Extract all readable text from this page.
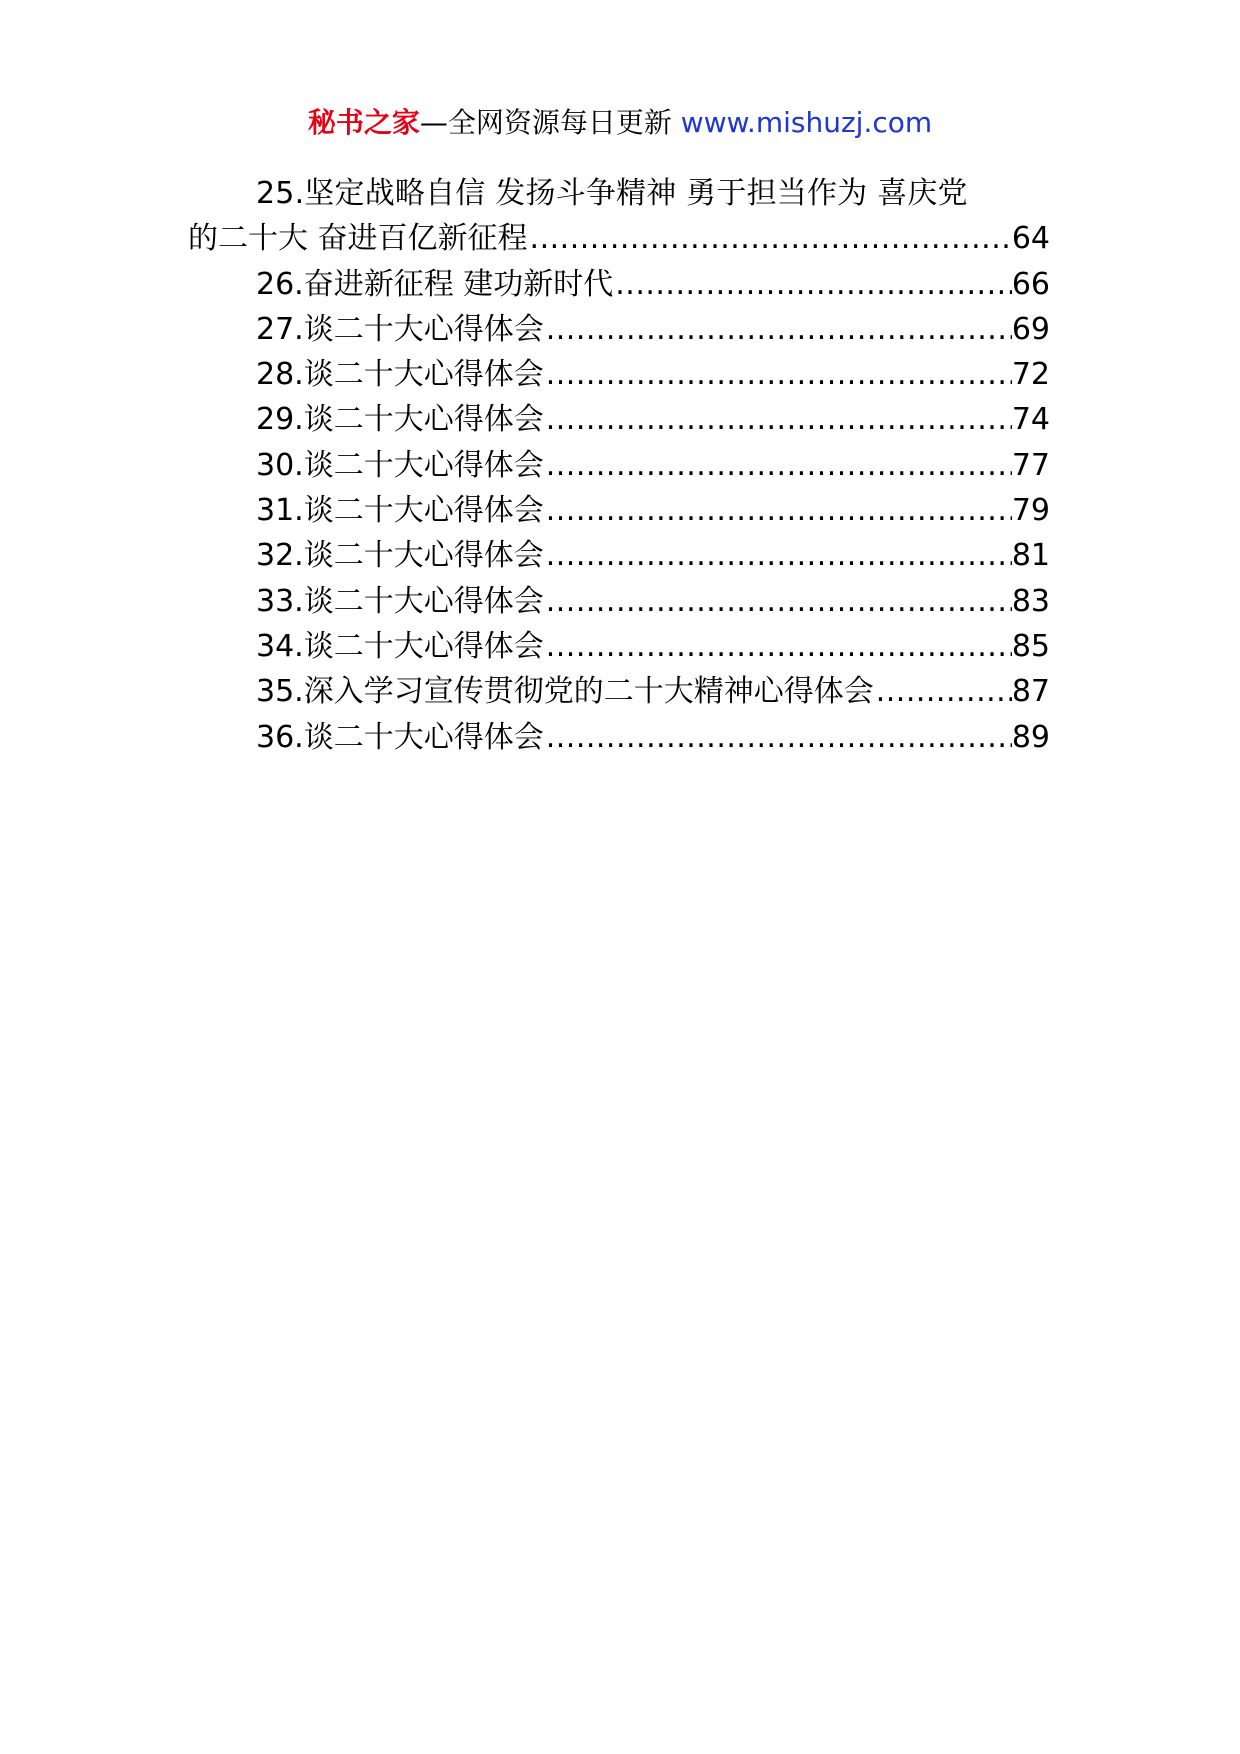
秘书之家—全网资源每日更新 www.mishuzj.com
25.坚定战略自信 发扬斗争精神 勇于担当作为 喜庆党
的二十大 奋进百亿新征程 .....	64
26.奋进新征程 建功新时代 .....	66
27.谈二十大心得体会 .....	69
28.谈二十大心得体会 .....	72
29.谈二十大心得体会 .....	74
30.谈二十大心得体会 .....	77
31.谈二十大心得体会 .....	79
32.谈二十大心得体会 .....	81
33.谈二十大心得体会 .....	83
34.谈二十大心得体会 .....	85
35.深入学习宣传贯彻党的二十大精神心得体会 .....	87
36.谈二十大心得体会 .....	89
